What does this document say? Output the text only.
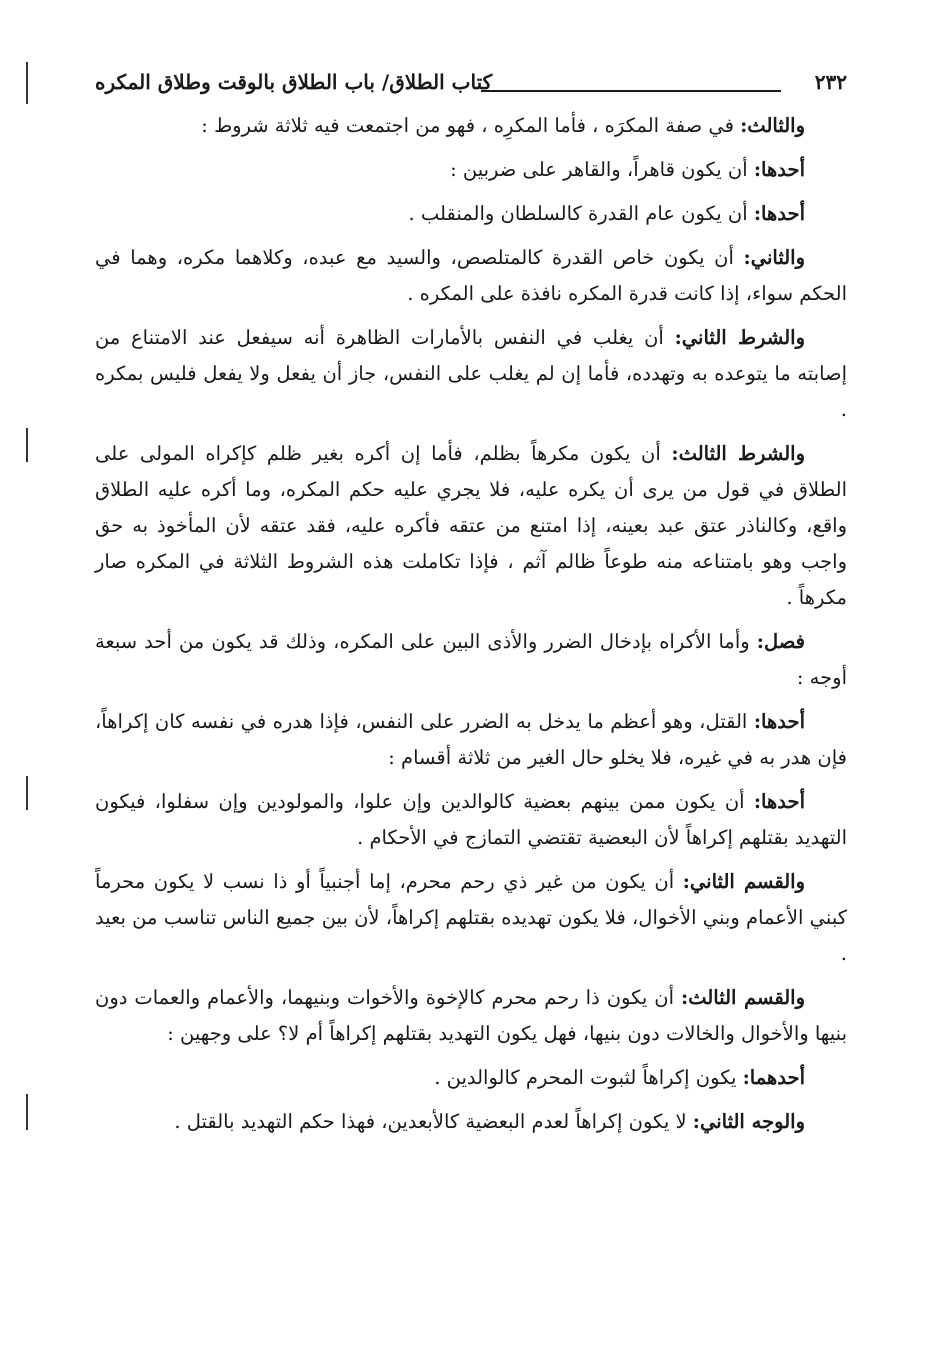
٢٣٢
كتاب الطلاق/ باب الطلاق بالوقت وطلاق المكره

والثالث: في صفة المكرَه ، فأما المكرِه ، فهو من اجتمعت فيه ثلاثة شروط :

أحدها: أن يكون قاهراً، والقاهر على ضربين :

أحدها: أن يكون عام القدرة كالسلطان والمنقلب .

والثاني: أن يكون خاص القدرة كالمتلصص، والسيد مع عبده، وكلاهما مكره، وهما في الحكم سواء، إذا كانت قدرة المكره نافذة على المكره .

والشرط الثاني: أن يغلب في النفس بالأمارات الظاهرة أنه سيفعل عند الامتناع من إصابته ما يتوعده به وتهدده، فأما إن لم يغلب على النفس، جاز أن يفعل ولا يفعل فليس بمكره .

والشرط الثالث: أن يكون مكرهاً بظلم، فأما إن أكره بغير ظلم كإكراه المولى على الطلاق في قول من يرى أن يكره عليه، فلا يجري عليه حكم المكره، وما أكره عليه الطلاق واقع، وكالناذر عتق عبد بعينه، إذا امتنع من عتقه فأكره عليه، فقد عتقه لأن المأخوذ به حق واجب وهو بامتناعه منه طوعاً ظالم آثم ، فإذا تكاملت هذه الشروط الثلاثة في المكره صار مكرهاً .

فصل: وأما الأكراه بإدخال الضرر والأذى البين على المكره، وذلك قد يكون من أحد سبعة أوجه :

أحدها: القتل، وهو أعظم ما يدخل به الضرر على النفس، فإذا هدره في نفسه كان إكراهاً، فإن هدر به في غيره، فلا يخلو حال الغير من ثلاثة أقسام :

أحدها: أن يكون ممن بينهم بعضية كالوالدين وإن علوا، والمولودين وإن سفلوا، فيكون التهديد بقتلهم إكراهاً لأن البعضية تقتضي التمازج في الأحكام .

والقسم الثاني: أن يكون من غير ذي رحم محرم، إما أجنبياً أو ذا نسب لا يكون محرماً كبني الأعمام وبني الأخوال، فلا يكون تهديده بقتلهم إكراهاً، لأن بين جميع الناس تناسب من بعيد .

والقسم الثالث: أن يكون ذا رحم محرم كالإخوة والأخوات وبنيهما، والأعمام والعمات دون بنيها والأخوال والخالات دون بنيها، فهل يكون التهديد بقتلهم إكراهاً أم لا؟ على وجهين :

أحدهما: يكون إكراهاً لثبوت المحرم كالوالدين .

والوجه الثاني: لا يكون إكراهاً لعدم البعضية كالأبعدين، فهذا حكم التهديد بالقتل .
